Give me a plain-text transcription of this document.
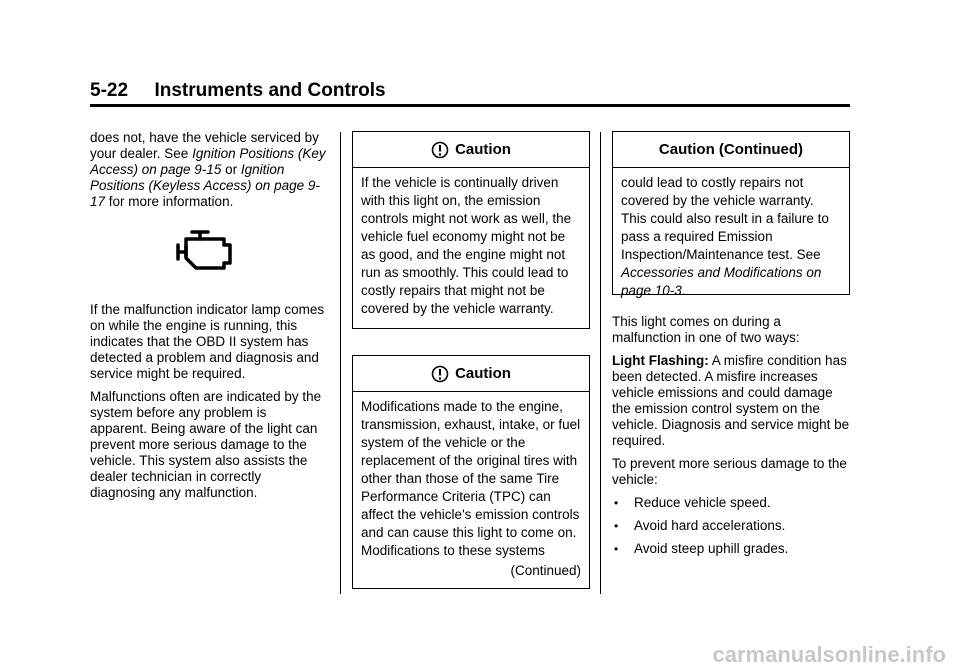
5-22 Instruments and Controls

does not, have the vehicle serviced by your dealer. See Ignition Positions (Key Access) on page 9-15 or Ignition Positions (Keyless Access) on page 9-17 for more information.

If the malfunction indicator lamp comes on while the engine is running, this indicates that the OBD II system has detected a problem and diagnosis and service might be required.

Malfunctions often are indicated by the system before any problem is apparent. Being aware of the light can prevent more serious damage to the vehicle. This system also assists the dealer technician in correctly diagnosing any malfunction.

Caution
If the vehicle is continually driven with this light on, the emission controls might not work as well, the vehicle fuel economy might not be as good, and the engine might not run as smoothly. This could lead to costly repairs that might not be covered by the vehicle warranty.
Caution
Modifications made to the engine, transmission, exhaust, intake, or fuel system of the vehicle or the replacement of the original tires with other than those of the same Tire Performance Criteria (TPC) can affect the vehicle's emission controls and can cause this light to come on. Modifications to these systems
(Continued)
Caution (Continued)
could lead to costly repairs not covered by the vehicle warranty. This could also result in a failure to pass a required Emission Inspection/Maintenance test. See Accessories and Modifications on page 10-3.

This light comes on during a malfunction in one of two ways:

Light Flashing: A misfire condition has been detected. A misfire increases vehicle emissions and could damage the emission control system on the vehicle. Diagnosis and service might be required.

To prevent more serious damage to the vehicle:

• Reduce vehicle speed.
• Avoid hard accelerations.
• Avoid steep uphill grades.
carmanualsonline.info
